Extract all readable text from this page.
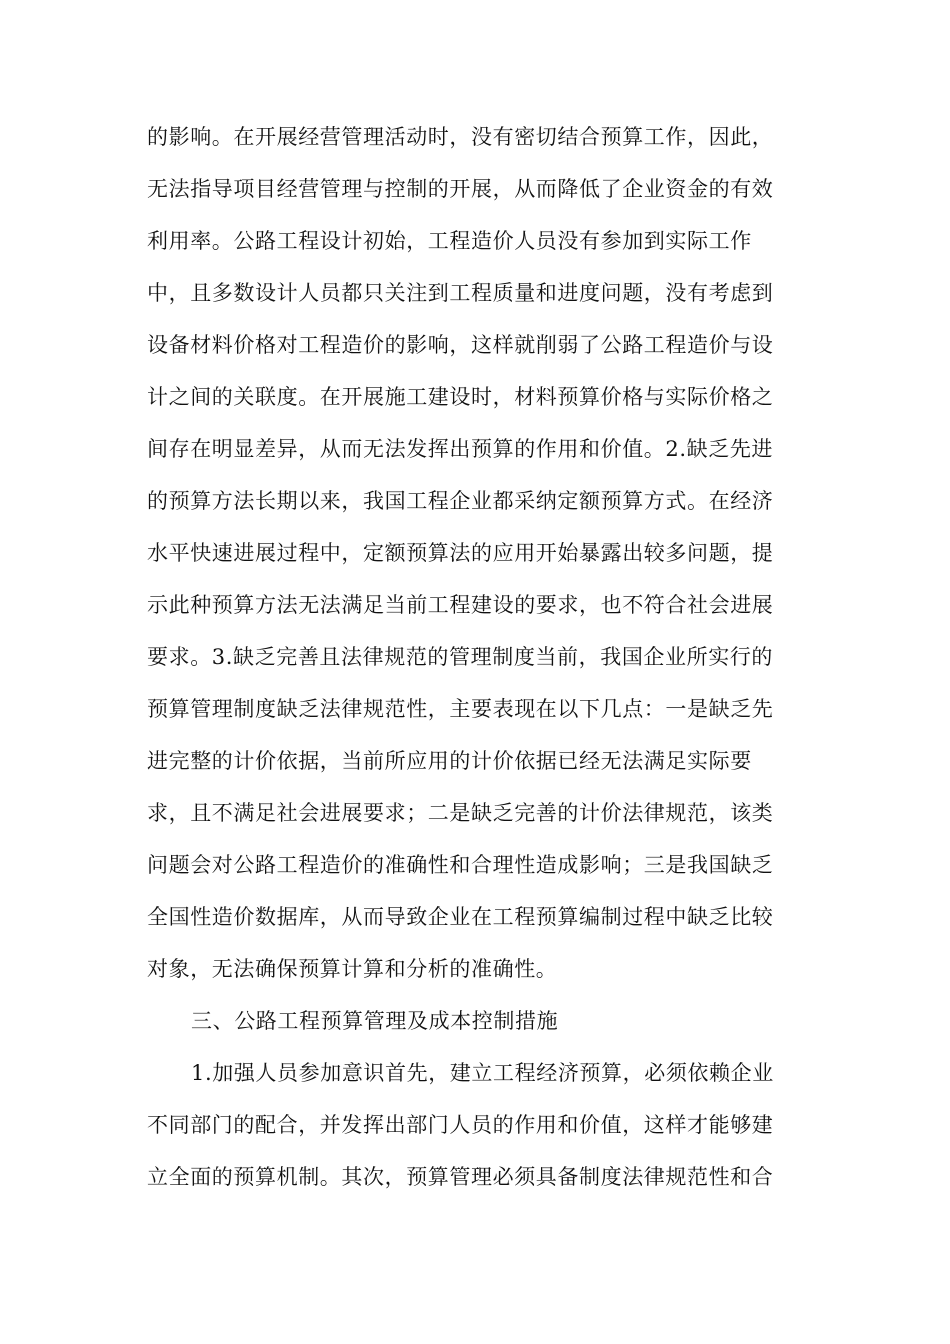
的影响。在开展经营管理活动时，没有密切结合预算工作，因此，
无法指导项目经营管理与控制的开展，从而降低了企业资金的有效
利用率。公路工程设计初始，工程造价人员没有参加到实际工作
中，且多数设计人员都只关注到工程质量和进度问题，没有考虑到
设备材料价格对工程造价的影响，这样就削弱了公路工程造价与设
计之间的关联度。在开展施工建设时，材料预算价格与实际价格之
间存在明显差异，从而无法发挥出预算的作用和价值。2.缺乏先进
的预算方法长期以来，我国工程企业都采纳定额预算方式。在经济
水平快速进展过程中，定额预算法的应用开始暴露出较多问题，提
示此种预算方法无法满足当前工程建设的要求，也不符合社会进展
要求。3.缺乏完善且法律规范的管理制度当前，我国企业所实行的
预算管理制度缺乏法律规范性，主要表现在以下几点：一是缺乏先
进完整的计价依据，当前所应用的计价依据已经无法满足实际要
求，且不满足社会进展要求；二是缺乏完善的计价法律规范，该类
问题会对公路工程造价的准确性和合理性造成影响；三是我国缺乏
全国性造价数据库，从而导致企业在工程预算编制过程中缺乏比较
对象，无法确保预算计算和分析的准确性。
三、公路工程预算管理及成本控制措施
1.加强人员参加意识首先，建立工程经济预算，必须依赖企业
不同部门的配合，并发挥出部门人员的作用和价值，这样才能够建
立全面的预算机制。其次，预算管理必须具备制度法律规范性和合
